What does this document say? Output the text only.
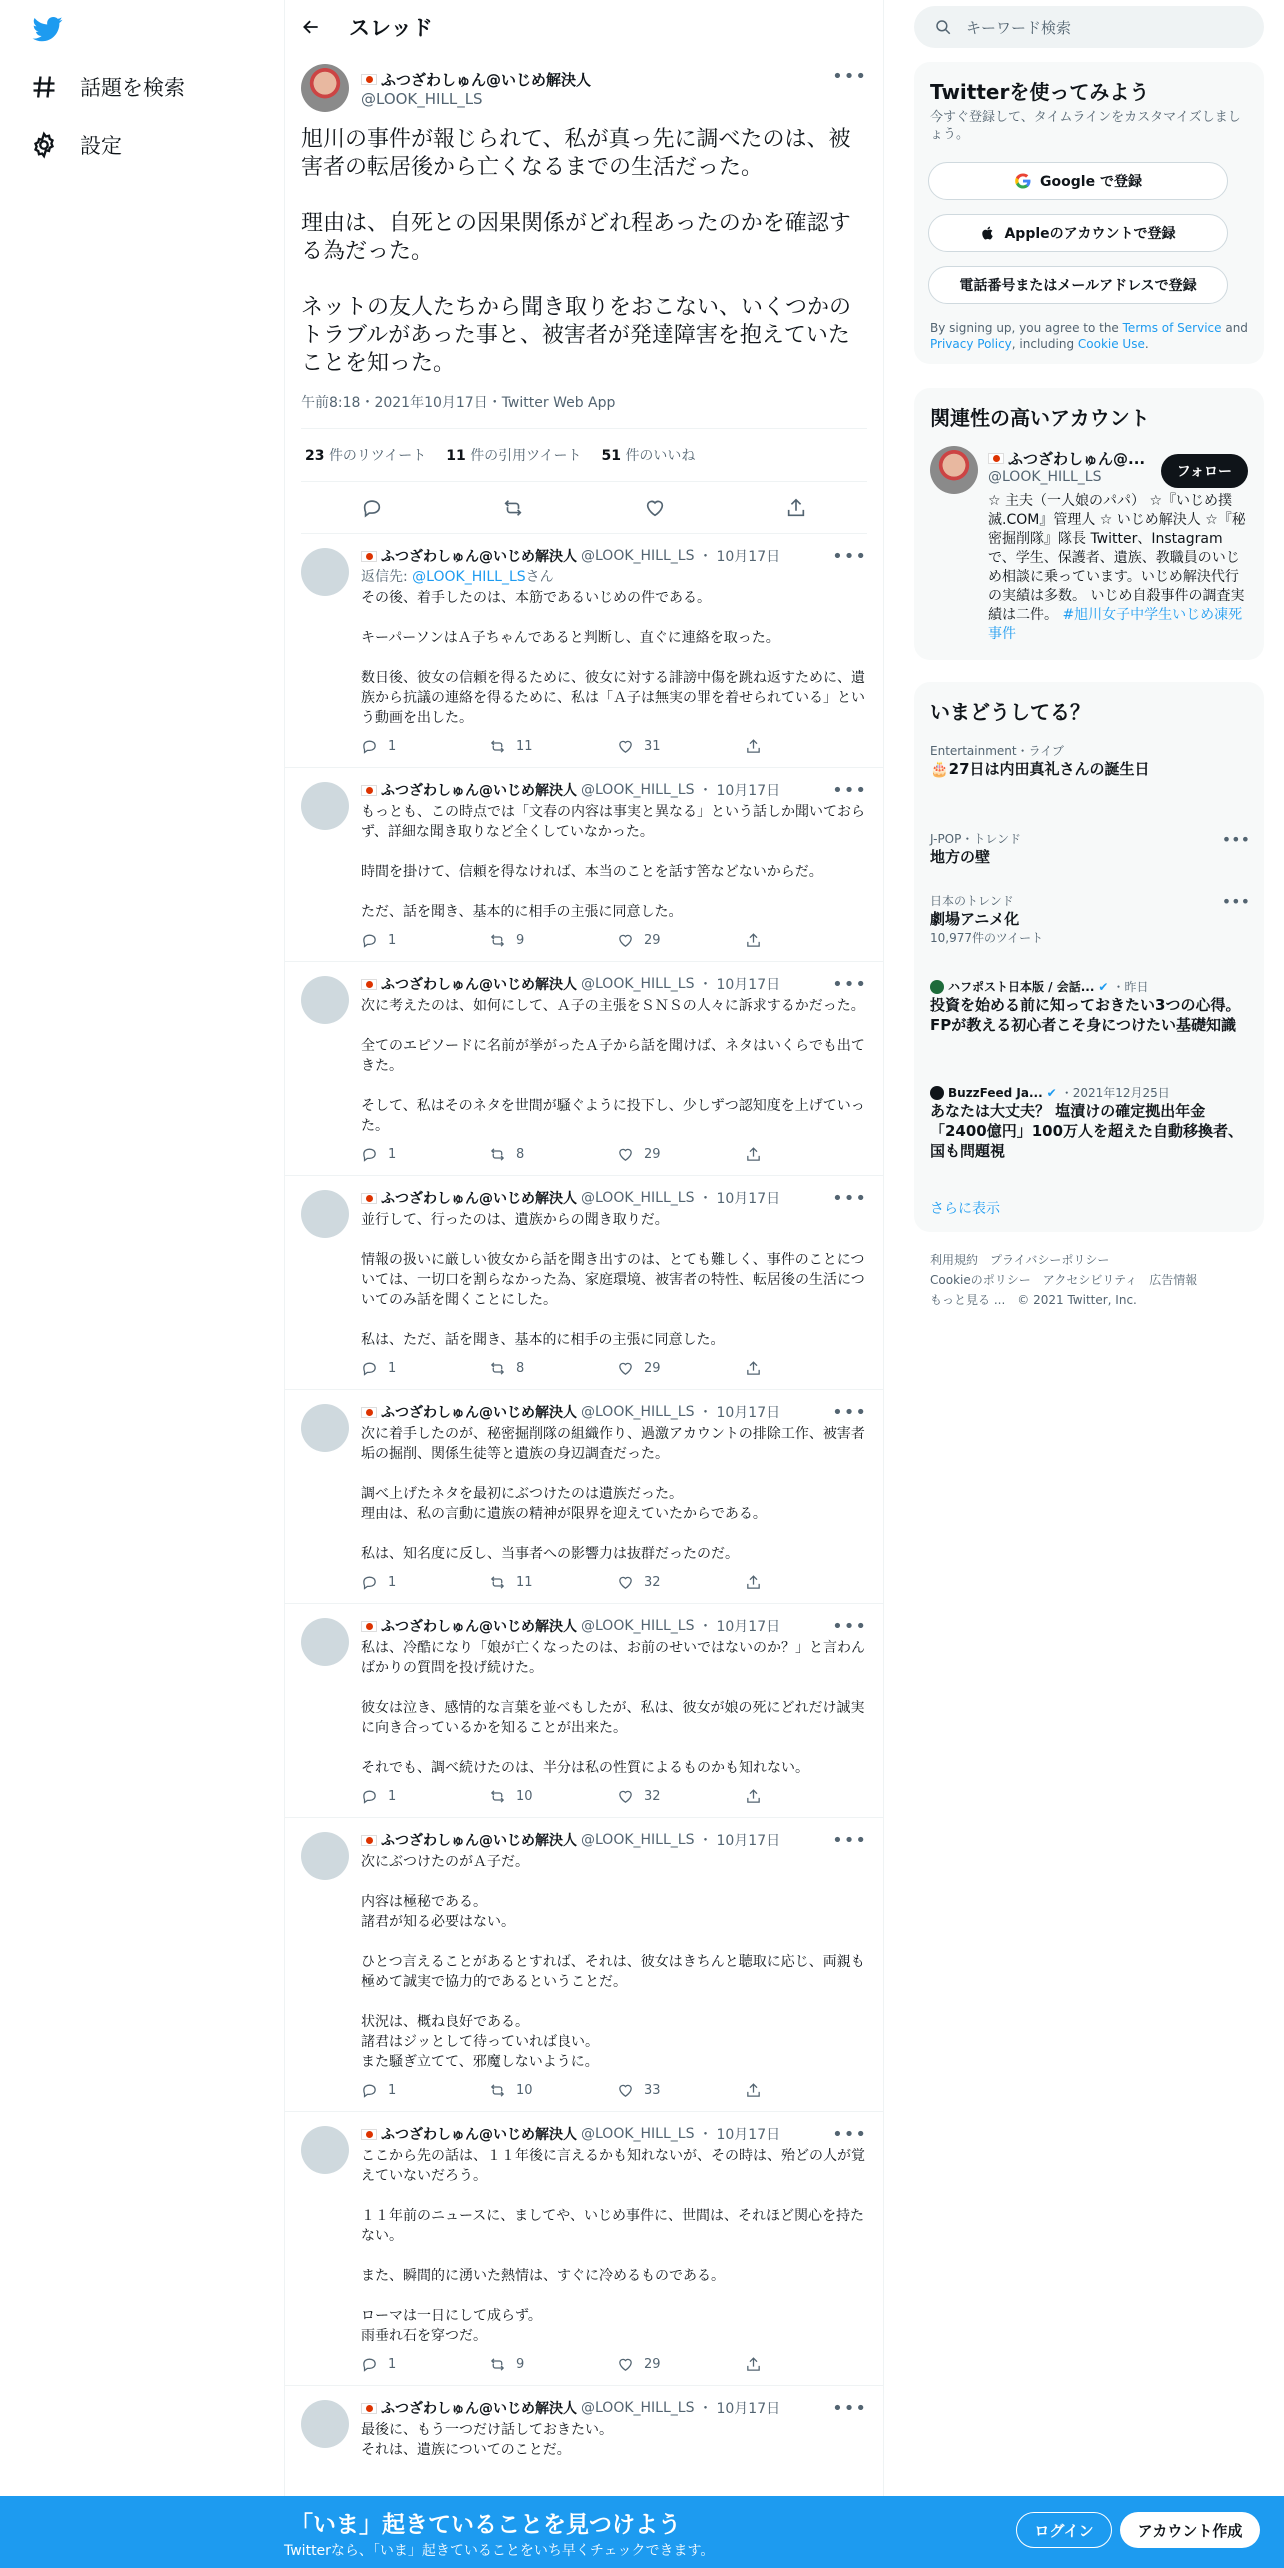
話題を検索
設定
スレッド
ふつざわしゅん@いじめ解決人
@LOOK_HILL_LS
•••
旭川の事件が報じられて、私が真っ先に調べたのは、被害者の転居後から亡くなるまでの生活だった。

理由は、自死との因果関係がどれ程あったのかを確認する為だった。

ネットの友人たちから聞き取りをおこない、いくつかのトラブルがあった事と、被害者が発達障害を抱えていたことを知った。
午前8:18・2021年10月17日・Twitter Web App
23 件のリツイート 11 件の引用ツイート 51 件のいいね
ふつざわしゅん@いじめ解決人 @LOOK_HILL_LS ・ 10月17日	•••
返信先: @LOOK_HILL_LSさん
その後、着手したのは、本筋であるいじめの件である。

キーパーソンはＡ子ちゃんであると判断し、直ぐに連絡を取った。

数日後、彼女の信頼を得るために、彼女に対する誹謗中傷を跳ね返すために、遺族から抗議の連絡を得るために、私は「Ａ子は無実の罪を着せられている」という動画を出した。
1	11	31
ふつざわしゅん@いじめ解決人 @LOOK_HILL_LS ・ 10月17日	•••
もっとも、この時点では「文春の内容は事実と異なる」という話しか聞いておらず、詳細な聞き取りなど全くしていなかった。

時間を掛けて、信頼を得なければ、本当のことを話す筈などないからだ。

ただ、話を聞き、基本的に相手の主張に同意した。
1	9	29
ふつざわしゅん@いじめ解決人 @LOOK_HILL_LS ・ 10月17日	•••
次に考えたのは、如何にして、Ａ子の主張をＳＮＳの人々に訴求するかだった。

全てのエピソードに名前が挙がったＡ子から話を聞けば、ネタはいくらでも出てきた。

そして、私はそのネタを世間が騒ぐように投下し、少しずつ認知度を上げていった。
1	8	29
ふつざわしゅん@いじめ解決人 @LOOK_HILL_LS ・ 10月17日	•••
並行して、行ったのは、遺族からの聞き取りだ。

情報の扱いに厳しい彼女から話を聞き出すのは、とても難しく、事件のことについては、一切口を割らなかった為、家庭環境、被害者の特性、転居後の生活についてのみ話を聞くことにした。

私は、ただ、話を聞き、基本的に相手の主張に同意した。
1	8	29
ふつざわしゅん@いじめ解決人 @LOOK_HILL_LS ・ 10月17日	•••
次に着手したのが、秘密掘削隊の組織作り、過激アカウントの排除工作、被害者垢の掘削、関係生徒等と遺族の身辺調査だった。

調べ上げたネタを最初にぶつけたのは遺族だった。
理由は、私の言動に遺族の精神が限界を迎えていたからである。

私は、知名度に反し、当事者への影響力は抜群だったのだ。
1	11	32
ふつざわしゅん@いじめ解決人 @LOOK_HILL_LS ・ 10月17日	•••
私は、冷酷になり「娘が亡くなったのは、お前のせいではないのか？」と言わんばかりの質問を投げ続けた。

彼女は泣き、感情的な言葉を並べもしたが、私は、彼女が娘の死にどれだけ誠実に向き合っているかを知ることが出来た。

それでも、調べ続けたのは、半分は私の性質によるものかも知れない。
1	10	32
ふつざわしゅん@いじめ解決人 @LOOK_HILL_LS ・ 10月17日	•••
次にぶつけたのがＡ子だ。

内容は極秘である。
諸君が知る必要はない。

ひとつ言えることがあるとすれば、それは、彼女はきちんと聴取に応じ、両親も極めて誠実で協力的であるということだ。

状況は、概ね良好である。
諸君はジッとして待っていれば良い。
また騒ぎ立てて、邪魔しないように。
1	10	33
ふつざわしゅん@いじめ解決人 @LOOK_HILL_LS ・ 10月17日	•••
ここから先の話は、１１年後に言えるかも知れないが、その時は、殆どの人が覚えていないだろう。

１１年前のニュースに、ましてや、いじめ事件に、世間は、それほど関心を持たない。

また、瞬間的に湧いた熱情は、すぐに冷めるものである。

ローマは一日にして成らず。
雨垂れ石を穿つだ。
1	9	29
ふつざわしゅん@いじめ解決人 @LOOK_HILL_LS ・ 10月17日	•••
最後に、もう一つだけ話しておきたい。
それは、遺族についてのことだ。
キーワード検索
Twitterを使ってみよう
今すぐ登録して、タイムラインをカスタマイズしましょう。
Google で登録
Appleのアカウントで登録
電話番号またはメールアドレスで登録
By signing up, you agree to the Terms of Service and Privacy Policy, including Cookie Use.
関連性の高いアカウント
ふつざわしゅん@...
@LOOK_HILL_LS	フォロー
☆ 主夫（一人娘のパパ） ☆『いじめ撲滅.COM』管理人 ☆ いじめ解決人 ☆『秘密掘削隊』隊長 Twitter、Instagramで、学生、保護者、遺族、教職員のいじめ相談に乗っています。いじめ解決代行の実績は多数。 いじめ自殺事件の調査実績は二件。 #旭川女子中学生いじめ凍死事件
いまどうしてる？
Entertainment・ライブ
🎂27日は内田真礼さんの誕生日
J-POP・トレンド
地方の壁
•••
日本のトレンド
劇場アニメ化
10,977件のツイート
•••
ハフポスト日本版 / 会話... ✔ ・昨日
投資を始める前に知っておきたい3つの心得。FPが教える初心者こそ身につけたい基礎知識
BuzzFeed Ja... ✔ ・2021年12月25日
あなたは大丈夫？ 塩漬けの確定拠出年金「2400億円」100万人を超えた自動移換者、国も問題視
さらに表示
利用規約　 プライバシーポリシー
Cookieのポリシー　 アクセシビリティ　 広告情報
もっと見る ...　 © 2021 Twitter, Inc.
「いま」起きていることを見つけよう
Twitterなら、「いま」起きていることをいち早くチェックできます。
ログイン	アカウント作成
